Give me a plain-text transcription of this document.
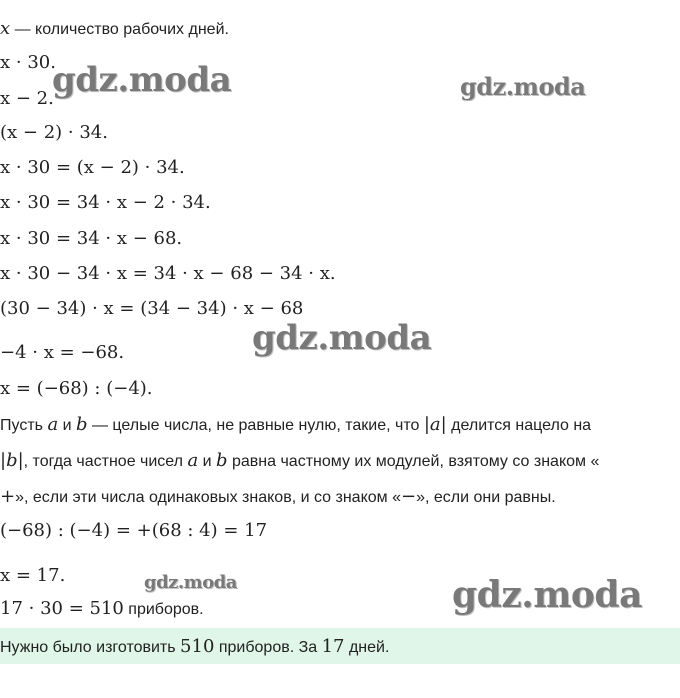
x — количество рабочих дней.
x · 30.
x − 2.
(x − 2) · 34.
x · 30 = (x − 2) · 34.
x · 30 = 34 · x − 2 · 34.
x · 30 = 34 · x − 68.
x · 30 − 34 · x = 34 · x − 68 − 34 · x.
(30 − 34) · x = (34 − 34) · x − 68
−4 · x = −68.
x = (−68) : (−4).
Пусть a и b — целые числа, не равные нулю, такие, что |a| делится нацело на
|b|, тогда частное чисел a и b равна частному их модулей, взятому со знаком «
+», если эти числа одинаковых знаков, и со знаком «−», если они равны.
(−68) : (−4) = +(68 : 4) = 17
x = 17.
17 · 30 = 510 приборов.
Нужно было изготовить 510 приборов. За 17 дней.
gdz.moda	gdz.moda
gdz.moda
gdz.moda	gdz.moda
